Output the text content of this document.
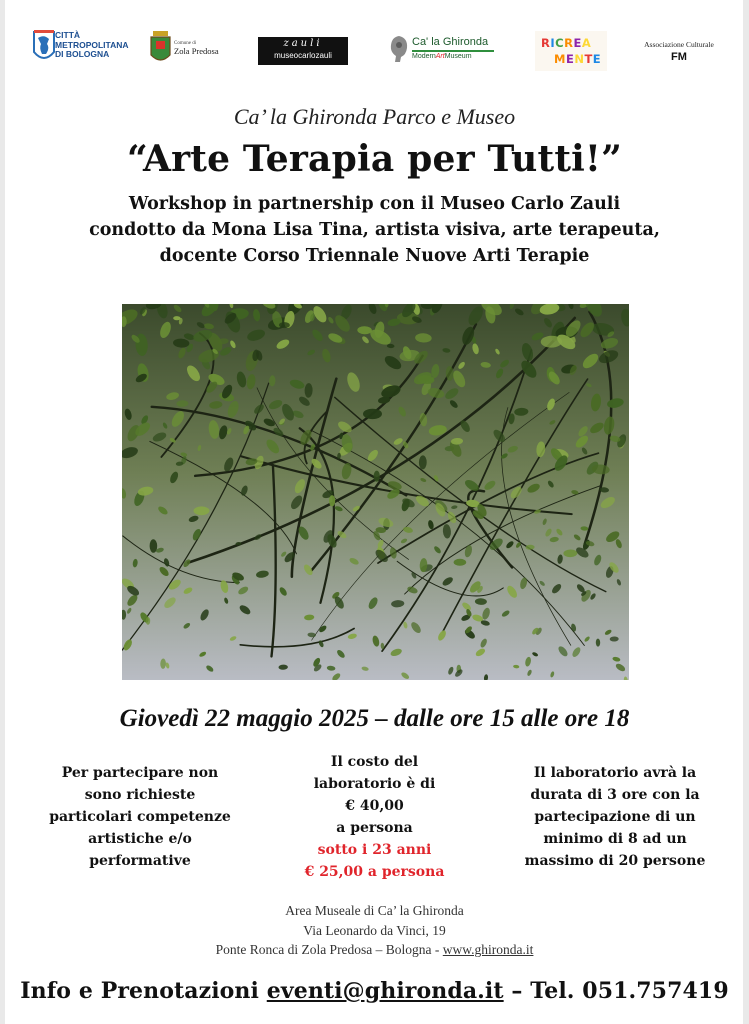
CITTÀ
METROPOLITANA
DI BOLOGNA
Comune di
Zola Predosa
zauli
museocarlozauli
Ca' la Ghironda
ModernArtMuseum
RICREA
MENTE
Associazione Culturale
FM
Ca’ la Ghironda Parco e Museo
“Arte Terapia per Tutti!”
Workshop in partnership con il Museo Carlo Zauli
condotto da Mona Lisa Tina, artista visiva, arte terapeuta,
docente Corso Triennale Nuove Arti Terapie
Giovedì 22 maggio 2025 – dalle ore 15 alle ore 18
Per partecipare non
sono richieste
particolari competenze
artistiche e/o
performative
Il costo del
laboratorio è di
€ 40,00
a persona
sotto i 23 anni
€ 25,00 a persona
Il laboratorio avrà la
durata di 3 ore con la
partecipazione di un
minimo di 8 ad un
massimo di 20 persone
Area Museale di Ca’ la Ghironda
Via Leonardo da Vinci, 19
Ponte Ronca di Zola Predosa – Bologna - www.ghironda.it
Info e Prenotazioni eventi@ghironda.it – Tel. 051.757419
